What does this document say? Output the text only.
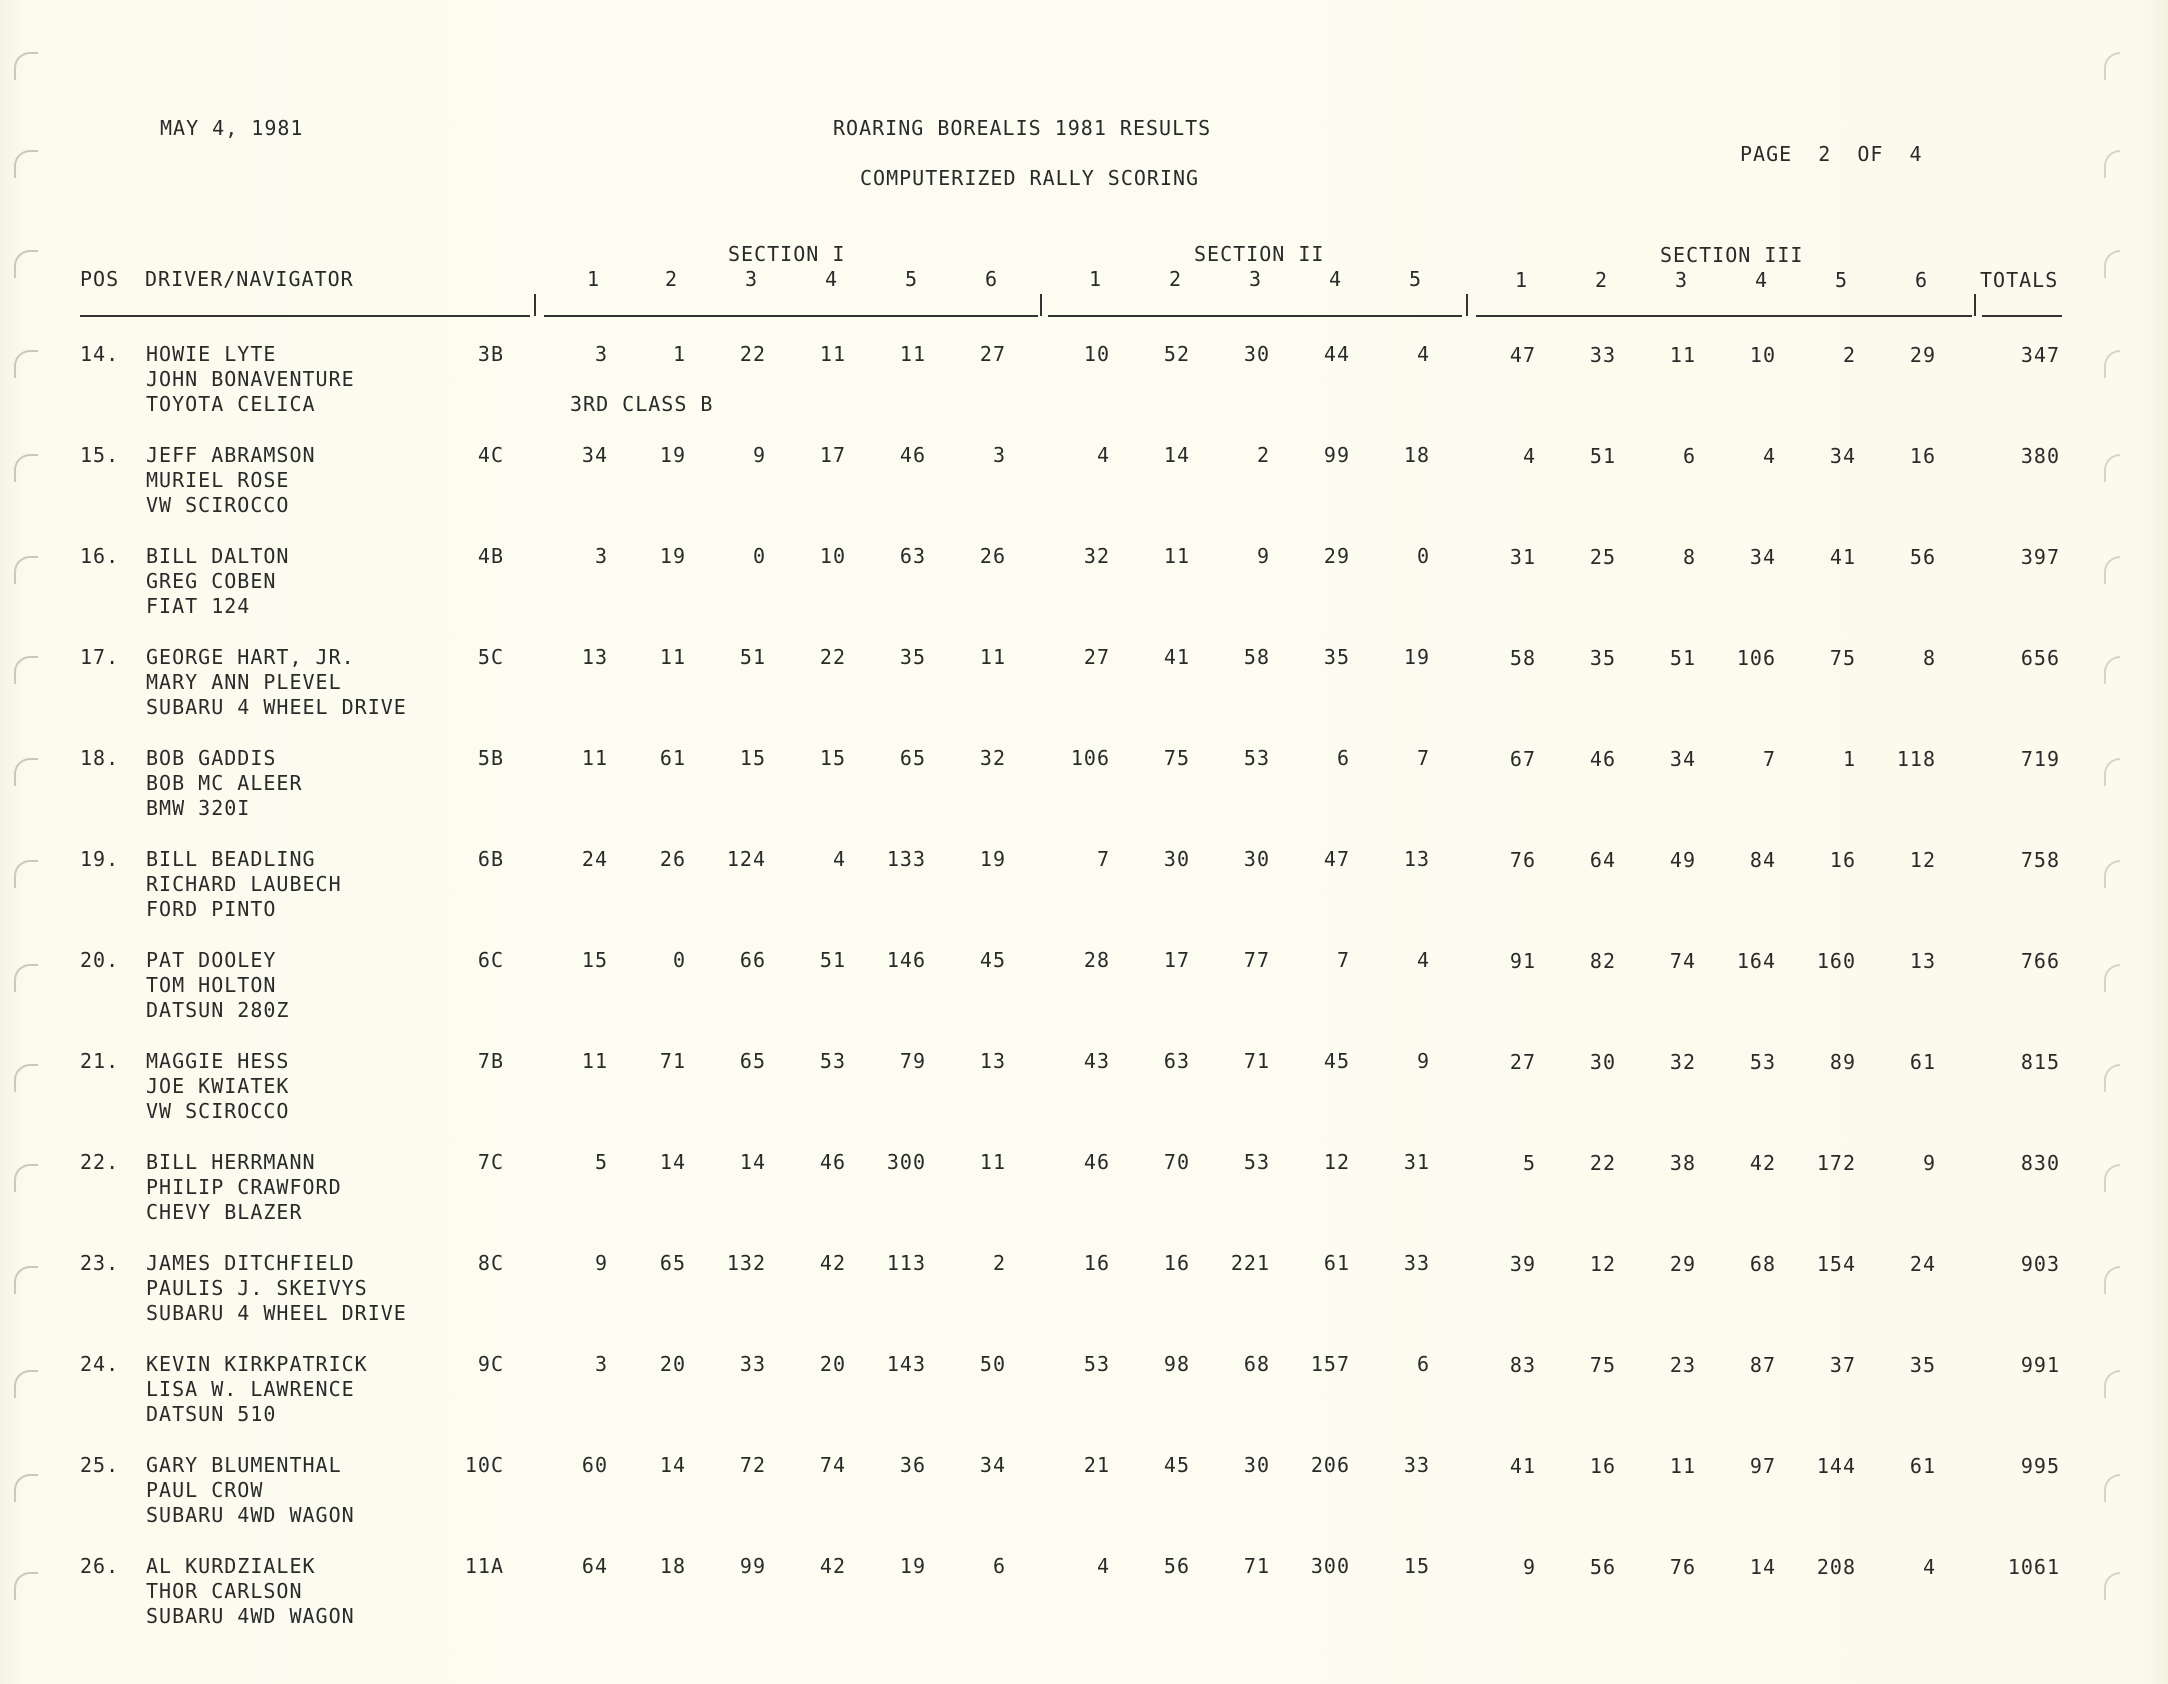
MAY 4, 1981	ROARING BOREALIS 1981 RESULTS
COMPUTERIZED RALLY SCORING
PAGE  2  OF  4
POS DRIVER/NAVIGATOR
SECTION I	SECTION II	SECTION III
TOTALS
1	2	3	4	5	6	1	2	3	4	5	1	2	3	4	5	6
14. HOWIE LYTE
JOHN BONAVENTURE
TOYOTA CELICA
3B
3RD CLASS B
3	1	22	11	11	27	10	52	30	44	4	47	33	11	10	2	29	347
15. JEFF ABRAMSON
MURIEL ROSE
VW SCIROCCO
4C	34	19	9	17	46	3	4	14	2	99	18	4	51	6	4	34	16	380
16. BILL DALTON
GREG COBEN
FIAT 124
4B	3	19	0	10	63	26	32	11	9	29	0	31	25	8	34	41	56	397
17. GEORGE HART, JR.
MARY ANN PLEVEL
SUBARU 4 WHEEL DRIVE
5C	13	11	51	22	35	11	27	41	58	35	19	58	35	51	106	75	8	656
18. BOB GADDIS
BOB MC ALEER
BMW 320I
5B	11	61	15	15	65	32	106	75	53	6	7	67	46	34	7	1	118	719
19. BILL BEADLING
RICHARD LAUBECH
FORD PINTO
6B	24	26	124	4	133	19	7	30	30	47	13	76	64	49	84	16	12	758
20. PAT DOOLEY
TOM HOLTON
DATSUN 280Z
6C	15	0	66	51	146	45	28	17	77	7	4	91	82	74	164	160	13	766
21. MAGGIE HESS
JOE KWIATEK
VW SCIROCCO
7B	11	71	65	53	79	13	43	63	71	45	9	27	30	32	53	89	61	815
22. BILL HERRMANN
PHILIP CRAWFORD
CHEVY BLAZER
7C	5	14	14	46	300	11	46	70	53	12	31	5	22	38	42	172	9	830
23. JAMES DITCHFIELD
PAULIS J. SKEIVYS
SUBARU 4 WHEEL DRIVE
8C	9	65	132	42	113	2	16	16	221	61	33	39	12	29	68	154	24	903
24. KEVIN KIRKPATRICK
LISA W. LAWRENCE
DATSUN 510
9C	3	20	33	20	143	50	53	98	68	157	6	83	75	23	87	37	35	991
25. GARY BLUMENTHAL
PAUL CROW
SUBARU 4WD WAGON
10C	60	14	72	74	36	34	21	45	30	206	33	41	16	11	97	144	61	995
26. AL KURDZIALEK
THOR CARLSON
SUBARU 4WD WAGON
11A	64	18	99	42	19	6	4	56	71	300	15	9	56	76	14	208	4	1061
